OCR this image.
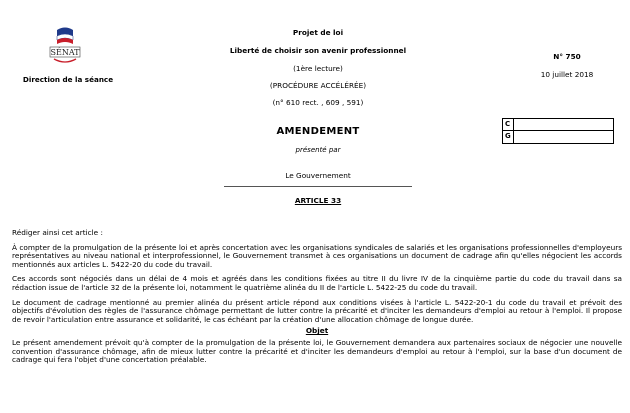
SÉNAT
Direction de la séance
Projet de loi
Liberté de choisir son avenir professionnel
(1ère lecture)
(PROCÉDURE ACCÉLÉRÉE)
(n° 610 rect. , 609 , 591)
N° 750
10 juillet 2018
C
G
AMENDEMENT
présenté par
Le Gouvernement
ARTICLE 33

Rédiger ainsi cet article :

À compter de la promulgation de la présente loi et après concertation avec les organisations syndicales de salariés et les organisations professionnelles d'employeurs représentatives au niveau national et interprofessionnel, le Gouvernement transmet à ces organisations un document de cadrage afin qu'elles négocient les accords mentionnés aux articles L. 5422-20 du code du travail.

Ces accords sont négociés dans un délai de 4 mois et agréés dans les conditions fixées au titre II du livre IV de la cinquième partie du code du travail dans sa rédaction issue de l'article 32 de la présente loi, notamment le quatrième alinéa du II de l'article L. 5422-25 du code du travail.

Le document de cadrage mentionné au premier alinéa du présent article répond aux conditions visées à l'article L. 5422-20-1 du code du travail et prévoit des objectifs d'évolution des règles de l'assurance chômage permettant de lutter contre la précarité et d'inciter les demandeurs d'emploi au retour à l'emploi. Il propose de revoir l'articulation entre assurance et solidarité, le cas échéant par la création d'une allocation chômage de longue durée.

Objet

Le présent amendement prévoit qu'à compter de la promulgation de la présente loi, le Gouvernement demandera aux partenaires sociaux de négocier une nouvelle convention d'assurance chômage, afin de mieux lutter contre la précarité et d'inciter les demandeurs d'emploi au retour à l'emploi, sur la base d'un document de cadrage qui fera l'objet d'une concertation préalable.
